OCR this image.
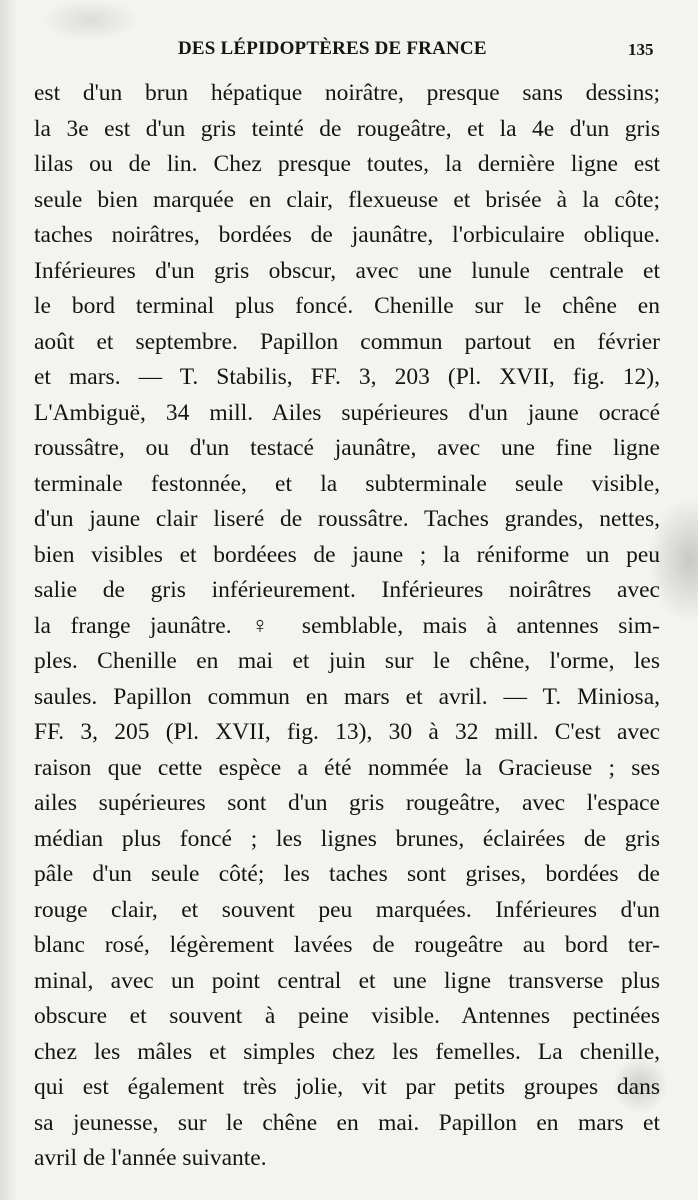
DES LÉPIDOPTÈRES DE FRANCE	135
est d'un brun hépatique noirâtre, presque sans dessins;
la 3e est d'un gris teinté de rougeâtre, et la 4e d'un gris
lilas ou de lin. Chez presque toutes, la dernière ligne est
seule bien marquée en clair, flexueuse et brisée à la côte;
taches noirâtres, bordées de jaunâtre, l'orbiculaire oblique.
Inférieures d'un gris obscur, avec une lunule centrale et
le bord terminal plus foncé. Chenille sur le chêne en
août et septembre. Papillon commun partout en février
et mars. — T. Stabilis, FF. 3, 203 (Pl. XVII, fig. 12),
L'Ambiguë, 34 mill. Ailes supérieures d'un jaune ocracé
roussâtre, ou d'un testacé jaunâtre, avec une fine ligne
terminale festonnée, et la subterminale seule visible,
d'un jaune clair liseré de roussâtre. Taches grandes, nettes,
bien visibles et bordéees de jaune ; la réniforme un peu
salie de gris inférieurement. Inférieures noirâtres avec
la frange jaunâtre. ♀ semblable, mais à antennes sim-
ples. Chenille en mai et juin sur le chêne, l'orme, les
saules. Papillon commun en mars et avril. — T. Miniosa,
FF. 3, 205 (Pl. XVII, fig. 13), 30 à 32 mill. C'est avec
raison que cette espèce a été nommée la Gracieuse ; ses
ailes supérieures sont d'un gris rougeâtre, avec l'espace
médian plus foncé ; les lignes brunes, éclairées de gris
pâle d'un seule côté; les taches sont grises, bordées de
rouge clair, et souvent peu marquées. Inférieures d'un
blanc rosé, légèrement lavées de rougeâtre au bord ter-
minal, avec un point central et une ligne transverse plus
obscure et souvent à peine visible. Antennes pectinées
chez les mâles et simples chez les femelles. La chenille,
qui est également très jolie, vit par petits groupes dans
sa jeunesse, sur le chêne en mai. Papillon en mars et
avril de l'année suivante.
